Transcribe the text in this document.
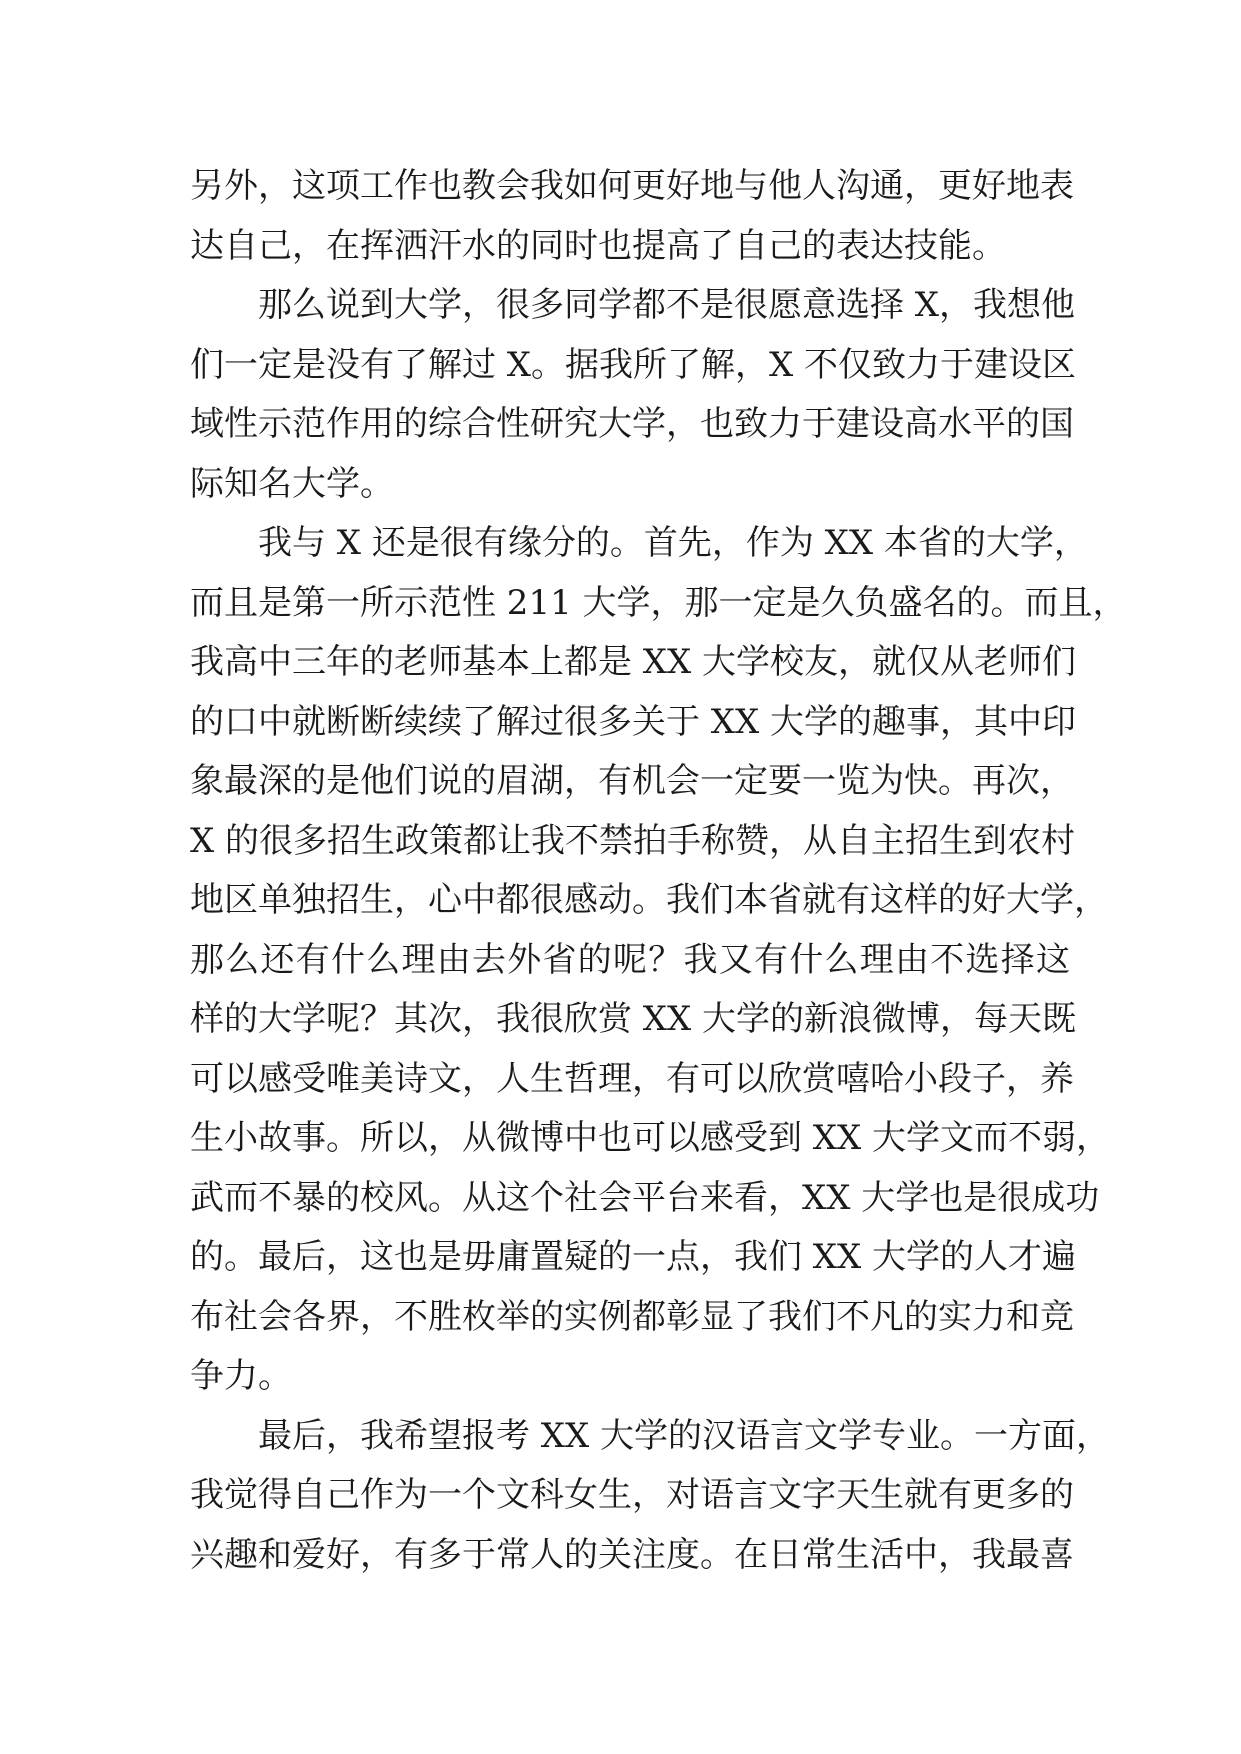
另外，这项工作也教会我如何更好地与他人沟通，更好地表
达自己，在挥洒汗水的同时也提高了自己的表达技能。
那么说到大学，很多同学都不是很愿意选择 X，我想他
们一定是没有了解过 X。据我所了解，X 不仅致力于建设区
域性示范作用的综合性研究大学，也致力于建设高水平的国
际知名大学。
我与 X 还是很有缘分的。首先，作为 XX 本省的大学，
而且是第一所示范性 211 大学，那一定是久负盛名的。而且，
我高中三年的老师基本上都是 XX 大学校友，就仅从老师们
的口中就断断续续了解过很多关于 XX 大学的趣事，其中印
象最深的是他们说的眉湖，有机会一定要一览为快。再次，
X 的很多招生政策都让我不禁拍手称赞，从自主招生到农村
地区单独招生，心中都很感动。我们本省就有这样的好大学，
那么还有什么理由去外省的呢？我又有什么理由不选择这
样的大学呢？其次，我很欣赏 XX 大学的新浪微博，每天既
可以感受唯美诗文，人生哲理，有可以欣赏嘻哈小段子，养
生小故事。所以，从微博中也可以感受到 XX 大学文而不弱，
武而不暴的校风。从这个社会平台来看，XX 大学也是很成功
的。最后，这也是毋庸置疑的一点，我们 XX 大学的人才遍
布社会各界，不胜枚举的实例都彰显了我们不凡的实力和竞
争力。
最后，我希望报考 XX 大学的汉语言文学专业。一方面，
我觉得自己作为一个文科女生，对语言文字天生就有更多的
兴趣和爱好，有多于常人的关注度。在日常生活中，我最喜
